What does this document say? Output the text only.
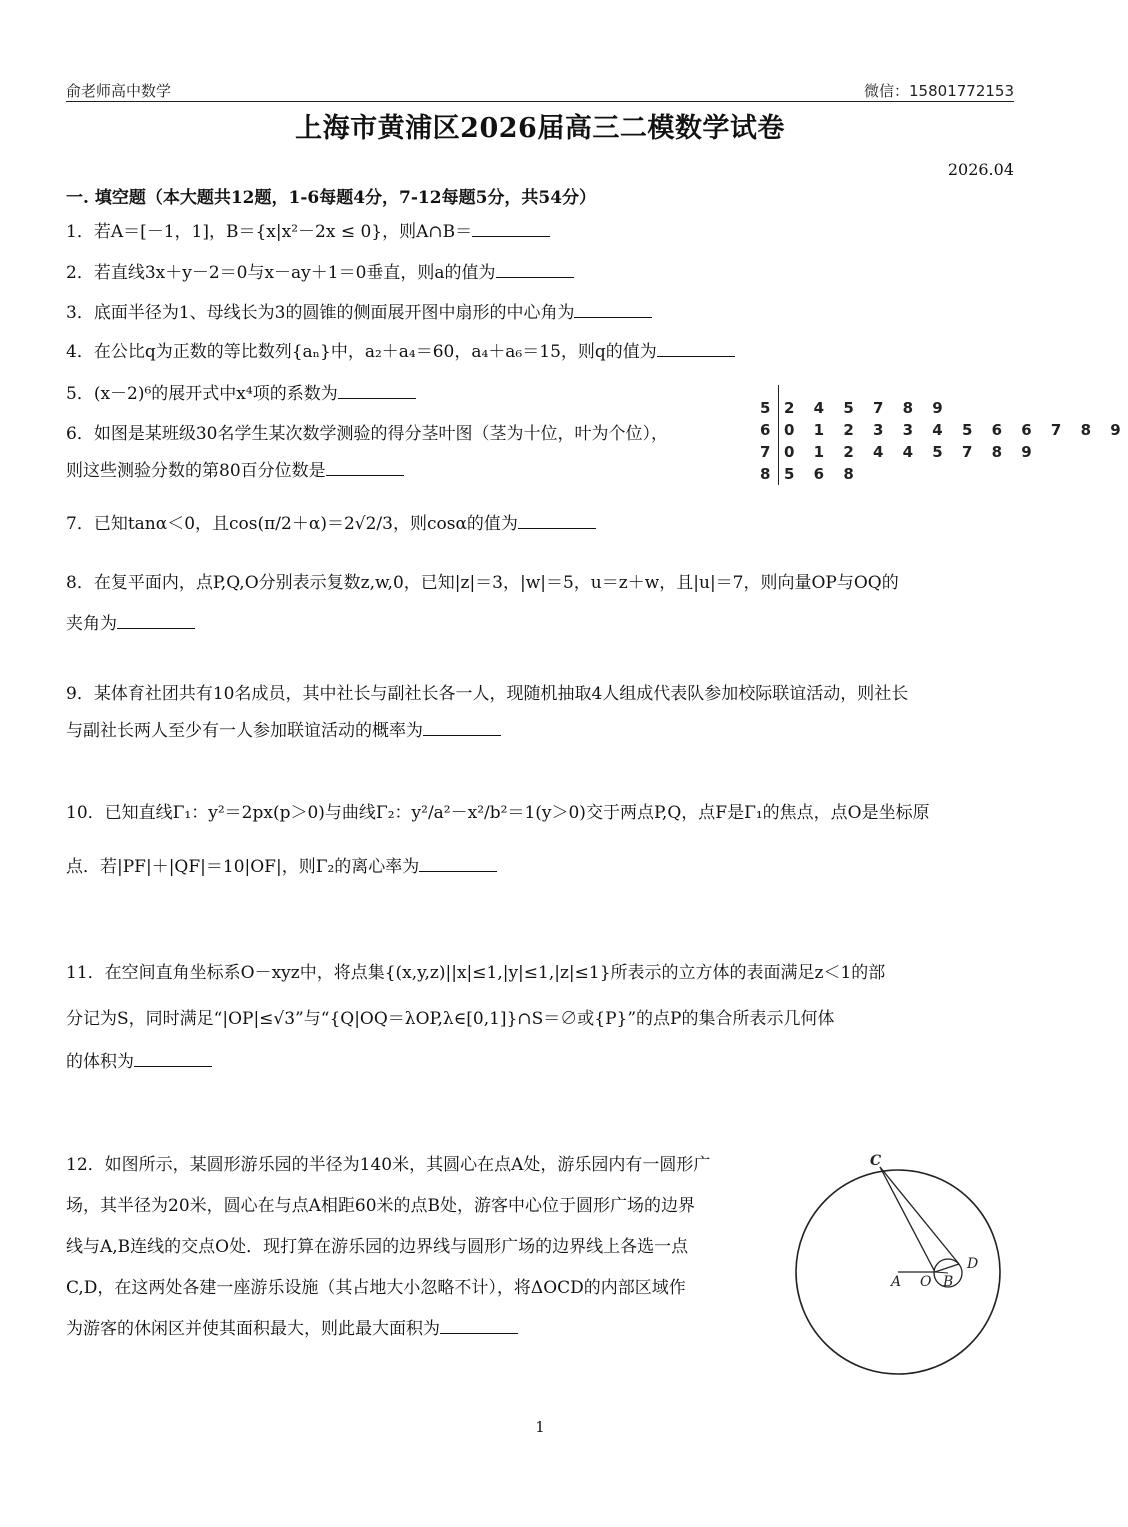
俞老师高中数学	微信：15801772153
上海市黄浦区2026届高三二模数学试卷
2026.04
一. 填空题（本大题共12题，1-6每题4分，7-12每题5分，共54分）
1．若A＝[－1，1]，B＝{x|x²－2x ≤ 0}，则A∩B＝
2．若直线3x＋y－2＝0与x－ay＋1＝0垂直，则a的值为
3．底面半径为1、母线长为3的圆锥的侧面展开图中扇形的中心角为
4．在公比q为正数的等比数列{aₙ}中，a₂＋a₄＝60，a₄＋a₆＝15，则q的值为
5．(x－2)⁶的展开式中x⁴项的系数为
6．如图是某班级30名学生某次数学测验的得分茎叶图（茎为十位，叶为个位），
则这些测验分数的第80百分位数是
5 2 4 5 7 8 9
6 0 1 2 3 3 4 5 6 6 7 8 9
7 0 1 2 4 4 5 7 8 9
8 5 6 8
7．已知tanα＜0，且cos(π/2＋α)＝2√2/3，则cosα的值为
8．在复平面内，点P,Q,O分别表示复数z,w,0，已知|z|＝3，|w|＝5，u＝z＋w，且|u|＝7，则向量OP与OQ的
夹角为
9．某体育社团共有10名成员，其中社长与副社长各一人，现随机抽取4人组成代表队参加校际联谊活动，则社长
与副社长两人至少有一人参加联谊活动的概率为
10．已知直线Γ₁：y²＝2px(p＞0)与曲线Γ₂：y²/a²－x²/b²＝1(y＞0)交于两点P,Q，点F是Γ₁的焦点，点O是坐标原
点．若|PF|＋|QF|＝10|OF|，则Γ₂的离心率为
11．在空间直角坐标系O－xyz中，将点集{(x,y,z)||x|≤1,|y|≤1,|z|≤1}所表示的立方体的表面满足z＜1的部
分记为S，同时满足“|OP|≤√3”与“{Q|OQ＝λOP,λ∈[0,1]}∩S＝∅或{P}”的点P的集合所表示几何体
的体积为
12．如图所示，某圆形游乐园的半径为140米，其圆心在点A处，游乐园内有一圆形广
场，其半径为20米，圆心在与点A相距60米的点B处，游客中心位于圆形广场的边界
线与A,B连线的交点O处．现打算在游乐园的边界线与圆形广场的边界线上各选一点
C,D，在这两处各建一座游乐设施（其占地大小忽略不计），将ΔOCD的内部区域作
为游客的休闲区并使其面积最大，则此最大面积为
C
D
A O B
1
